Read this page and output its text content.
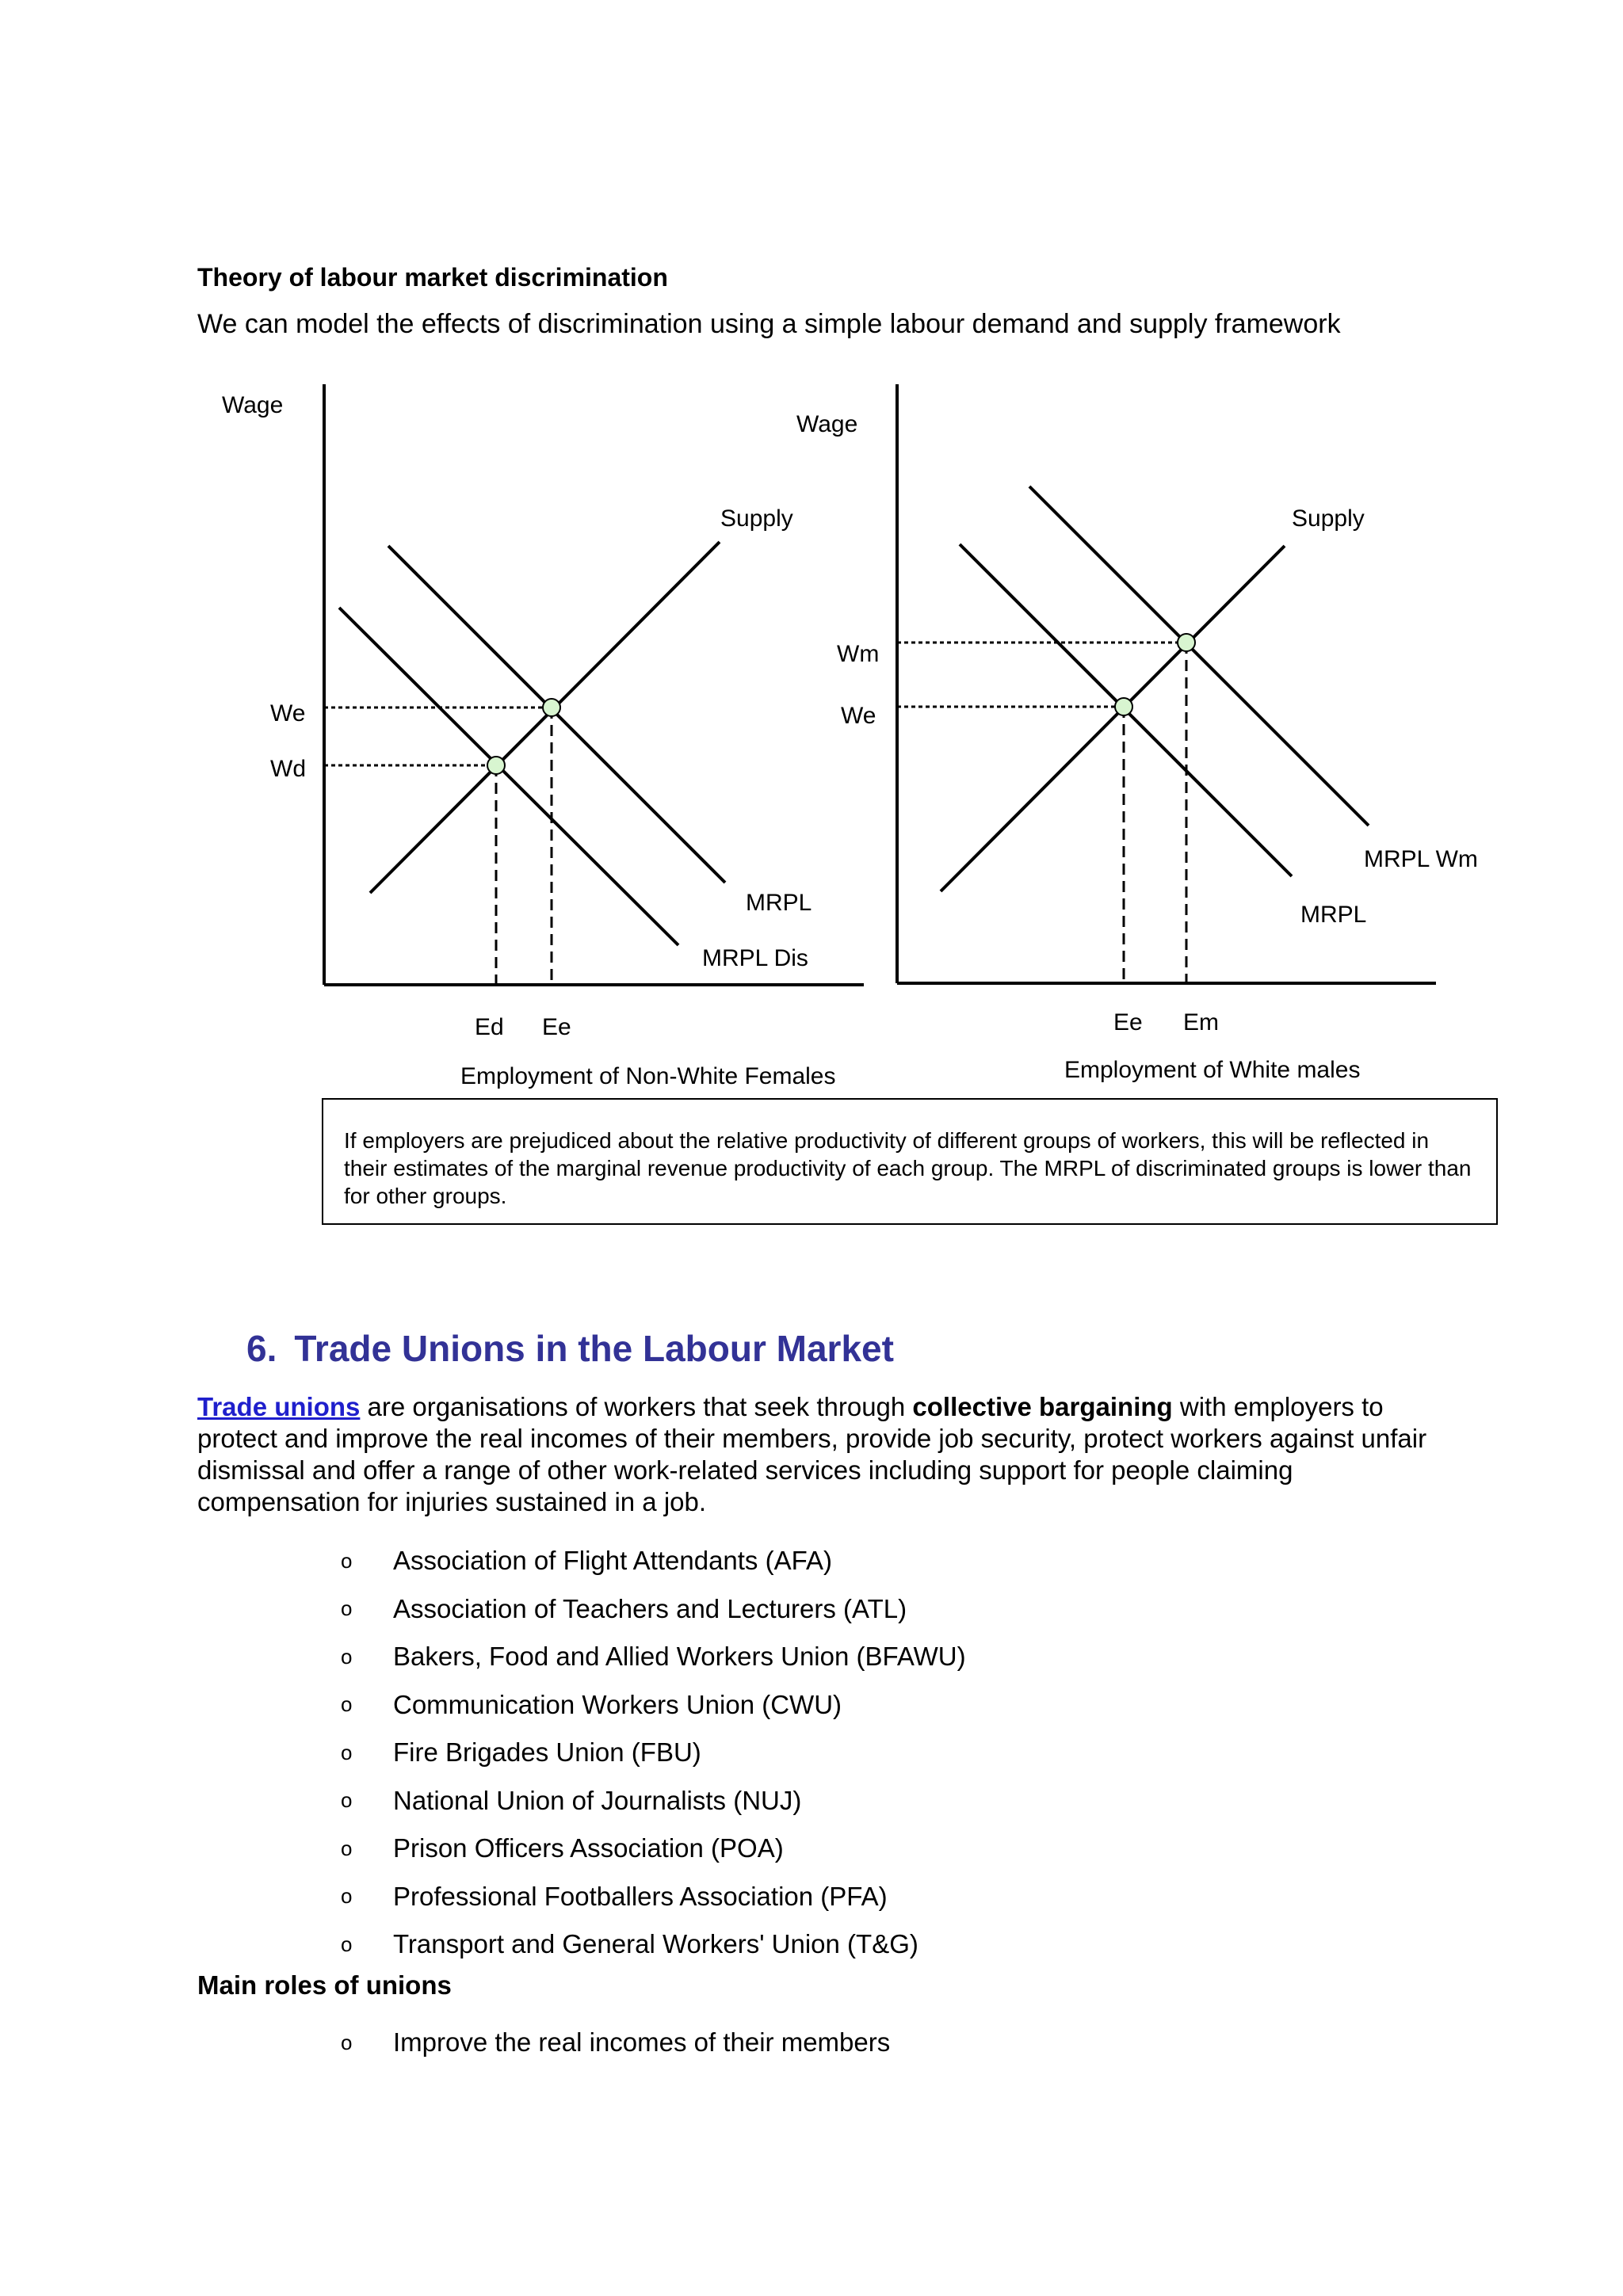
Theory of labour market discrimination
We can model the effects of discrimination using a simple labour demand and supply framework
Wage
Supply
We
Wd
MRPL
MRPL Dis
Ed Ee
Employment of Non-White Females
Wage
Supply
Wm
We
MRPL Wm
MRPL
Ee Em
Employment of White males
If employers are prejudiced about the relative productivity of different groups of workers, this will be reflected in their estimates of the marginal revenue productivity of each group. The MRPL of discriminated groups is lower than for other groups.
6. Trade Unions in the Labour Market
Trade unions are organisations of workers that seek through collective bargaining with employers to protect and improve the real incomes of their members, provide job security, protect workers against unfair dismissal and offer a range of other work-related services including support for people claiming compensation for injuries sustained in a job.
o	Association of Flight Attendants (AFA)
o	Association of Teachers and Lecturers (ATL)
o	Bakers, Food and Allied Workers Union (BFAWU)
o	Communication Workers Union (CWU)
o	Fire Brigades Union (FBU)
o	National Union of Journalists (NUJ)
o	Prison Officers Association (POA)
o	Professional Footballers Association (PFA)
o	Transport and General Workers' Union (T&G)
Main roles of unions
o	Improve the real incomes of their members
